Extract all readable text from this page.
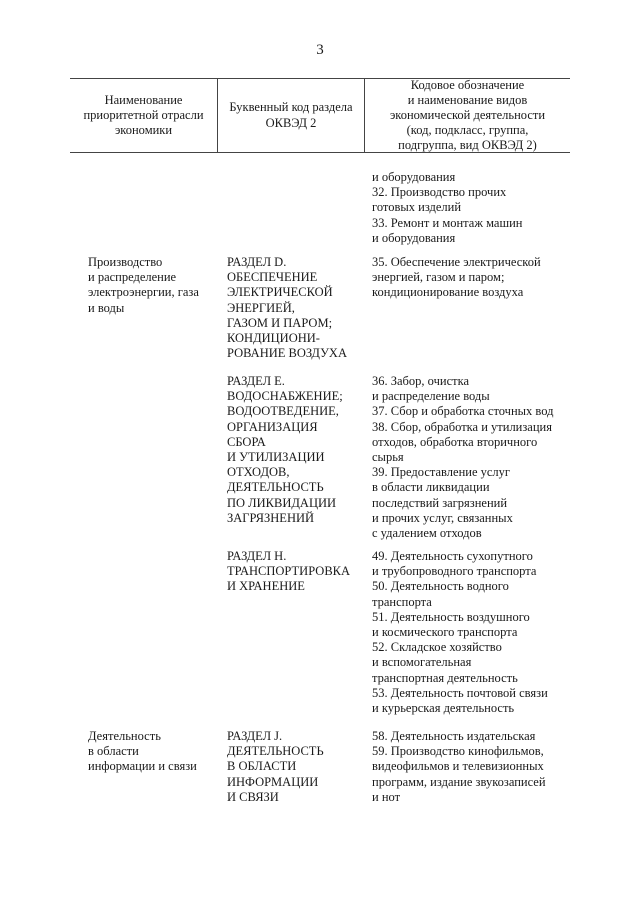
3
Наименование
приоритетной отрасли
экономики
Буквенный код раздела
ОКВЭД 2
Кодовое обозначение
и наименование видов
экономической деятельности
(код, подкласс, группа,
подгруппа, вид ОКВЭД 2)
и оборудования
32. Производство прочих
готовых изделий
33. Ремонт и монтаж машин
и оборудования
Производство
и распределение
электроэнергии, газа
и воды
РАЗДЕЛ D.
ОБЕСПЕЧЕНИЕ
ЭЛЕКТРИЧЕСКОЙ
ЭНЕРГИЕЙ,
ГАЗОМ И ПАРОМ;
КОНДИЦИОНИ-
РОВАНИЕ ВОЗДУХА
35. Обеспечение электрической
энергией, газом и паром;
кондиционирование воздуха
РАЗДЕЛ Е.
ВОДОСНАБЖЕНИЕ;
ВОДООТВЕДЕНИЕ,
ОРГАНИЗАЦИЯ
СБОРА
И УТИЛИЗАЦИИ
ОТХОДОВ,
ДЕЯТЕЛЬНОСТЬ
ПО ЛИКВИДАЦИИ
ЗАГРЯЗНЕНИЙ
36. Забор, очистка
и распределение воды
37. Сбор и обработка сточных вод
38. Сбор, обработка и утилизация
отходов, обработка вторичного
сырья
39. Предоставление услуг
в области ликвидации
последствий загрязнений
и прочих услуг, связанных
с удалением отходов
РАЗДЕЛ Н.
ТРАНСПОРТИРОВКА
И ХРАНЕНИЕ
49. Деятельность сухопутного
и трубопроводного транспорта
50. Деятельность водного
транспорта
51. Деятельность воздушного
и космического транспорта
52. Складское хозяйство
и вспомогательная
транспортная деятельность
53. Деятельность почтовой связи
и курьерская деятельность
Деятельность
в области
информации и связи
РАЗДЕЛ J.
ДЕЯТЕЛЬНОСТЬ
В ОБЛАСТИ
ИНФОРМАЦИИ
И СВЯЗИ
58. Деятельность издательская
59. Производство кинофильмов,
видеофильмов и телевизионных
программ, издание звукозаписей
и нот
